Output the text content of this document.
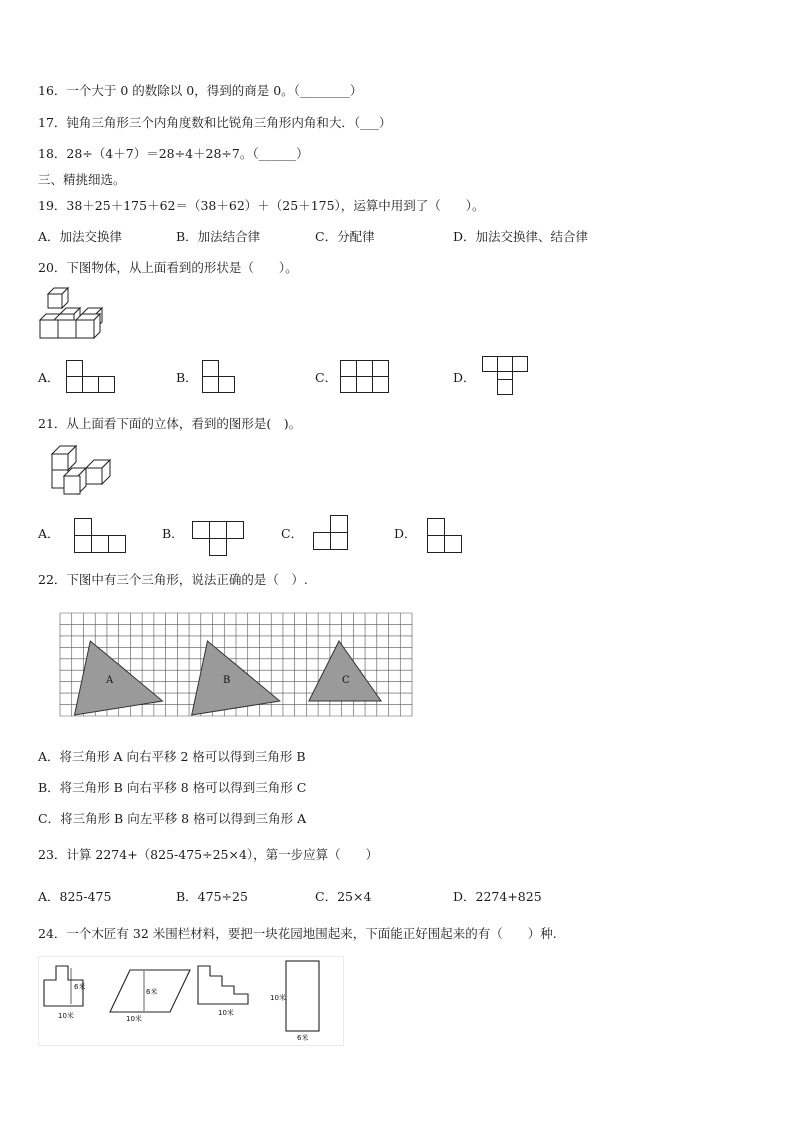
16．一个大于 0 的数除以 0，得到的商是 0。（________）
17．钝角三角形三个内角度数和比锐角三角形内角和大．（___）
18．28÷（4＋7）＝28÷4＋28÷7。（______）
三、精挑细选。
19．38＋25＋175＋62＝（38＋62）＋（25＋175），运算中用到了（　　）。
A．加法交换律	B．加法结合律	C．分配律	D．加法交换律、结合律
20．下图物体，从上面看到的形状是（　　）。
A．	B．	C．	D．
21．从上面看下面的立体，看到的图形是(　)。
A．	B．	C．	D．
22．下图中有三个三角形，说法正确的是（　）.
A	B	C
A．将三角形 A 向右平移 2 格可以得到三角形 B
B．将三角形 B 向右平移 8 格可以得到三角形 C
C．将三角形 B 向左平移 8 格可以得到三角形 A
23．计算 2274+（825-475÷25×4），第一步应算（　　）
A．825-475	B．475÷25	C．25×4	D．2274+825
24．一个木匠有 32 米围栏材料，要把一块花园地围起来，下面能正好围起来的有（　　）种.
6米
10米
6米
10米
10米
10米
6米
